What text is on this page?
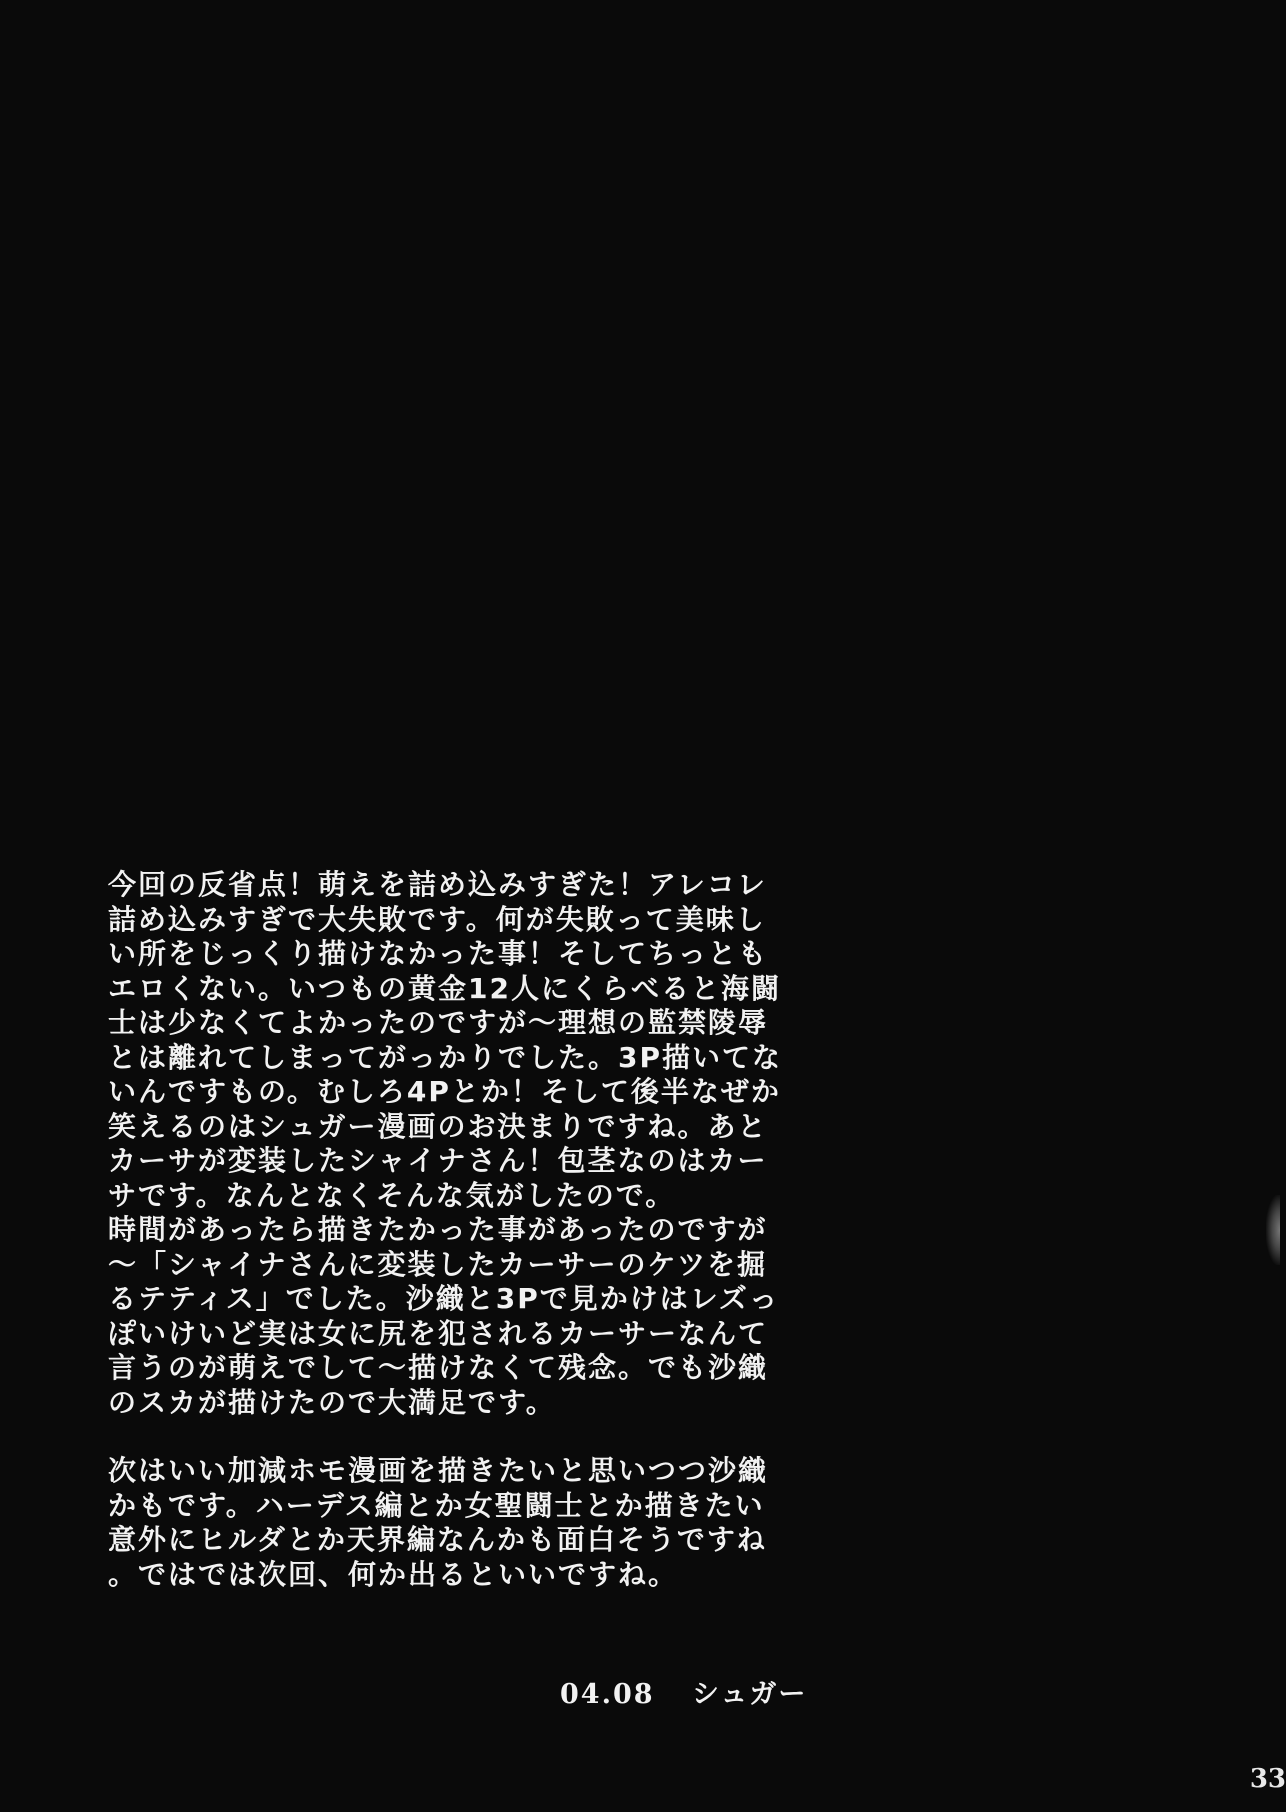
今回の反省点！萌えを詰め込みすぎた！アレコレ
詰め込みすぎで大失敗です。何が失敗って美味し
い所をじっくり描けなかった事！そしてちっとも
エロくない。いつもの黄金12人にくらべると海闘
士は少なくてよかったのですが〜理想の監禁陵辱
とは離れてしまってがっかりでした。3P描いてな
いんですもの。むしろ4Pとか！そして後半なぜか
笑えるのはシュガー漫画のお決まりですね。あと
カーサが変装したシャイナさん！包茎なのはカー
サです。なんとなくそんな気がしたので。
時間があったら描きたかった事があったのですが
〜「シャイナさんに変装したカーサーのケツを掘
るテティス」でした。沙織と3Pで見かけはレズっ
ぽいけいど実は女に尻を犯されるカーサーなんて
言うのが萌えでして〜描けなくて残念。でも沙織
のスカが描けたので大満足です。
次はいい加減ホモ漫画を描きたいと思いつつ沙織
かもです。ハーデス編とか女聖闘士とか描きたい
意外にヒルダとか天界編なんかも面白そうですね
。ではでは次回、何か出るといいですね。
04.08 シュガー
33
